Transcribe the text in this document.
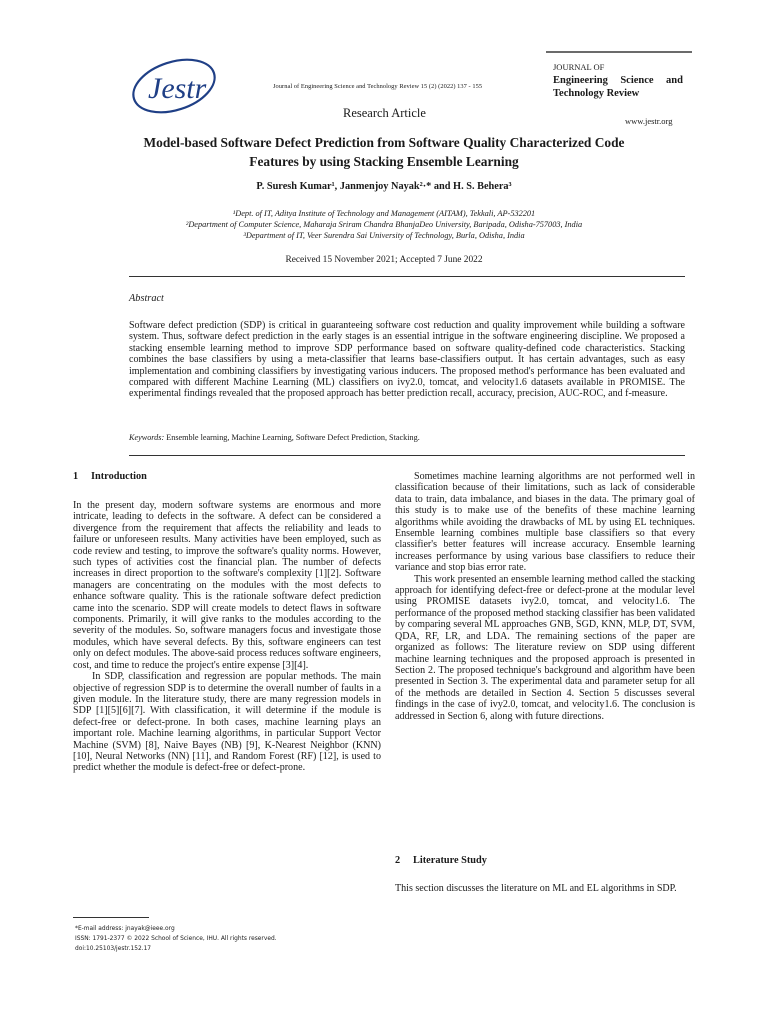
Jestr	Journal of Engineering Science and Technology Review 15 (2) (2022) 137 - 155
Research Article
JOURNAL OF
Engineering Science and
Technology Review
www.jestr.org
Model-based Software Defect Prediction from Software Quality Characterized Code
Features by using Stacking Ensemble Learning
P. Suresh Kumar¹, Janmenjoy Nayak²·* and H. S. Behera³
¹Dept. of IT, Aditya Institute of Technology and Management (AITAM), Tekkali, AP-532201
²Department of Computer Science, Maharaja Sriram Chandra BhanjaDeo University, Baripada, Odisha-757003, India
³Department of IT, Veer Surendra Sai University of Technology, Burla, Odisha, India
Received 15 November 2021; Accepted 7 June 2022
Abstract
Software defect prediction (SDP) is critical in guaranteeing software cost reduction and quality improvement while building a software system. Thus, software defect prediction in the early stages is an essential intrigue in the software engineering discipline. We proposed a stacking ensemble learning method to improve SDP performance based on software quality-defined code characteristics. Stacking combines the base classifiers by using a meta-classifier that learns base-classifiers output. It has certain advantages, such as easy implementation and combining classifiers by investigating various inducers. The proposed method's performance has been evaluated and compared with different Machine Learning (ML) classifiers on ivy2.0, tomcat, and velocity1.6 datasets available in PROMISE. The experimental findings revealed that the proposed approach has better prediction recall, accuracy, precision, AUC-ROC, and f-measure.
Keywords: Ensemble learning, Machine Learning, Software Defect Prediction, Stacking.
1     Introduction

In the present day, modern software systems are enormous and more intricate, leading to defects in the software. A defect can be considered a divergence from the requirement that affects the reliability and leads to failure or unforeseen results. Many activities have been employed, such as code review and testing, to improve the software's quality norms. However, such types of activities cost the financial plan. The number of defects increases in direct proportion to the software's complexity [1][2]. Software managers are concentrating on the modules with the most defects to enhance software quality. This is the rationale software defect prediction came into the scenario. SDP will create models to detect flaws in software components. Primarily, it will give ranks to the modules according to the severity of the modules. So, software managers focus and investigate those modules, which have several defects. By this, software engineers can test only on defect modules. The above-said process reduces software engineers, cost, and time to reduce the project's entire expense [3][4].

In SDP, classification and regression are popular methods. The main objective of regression SDP is to determine the overall number of faults in a given module. In the literature study, there are many regression models in SDP [1][5][6][7]. With classification, it will determine if the module is defect-free or defect-prone. In both cases, machine learning plays an important role. Machine learning algorithms, in particular Support Vector Machine (SVM) [8], Naive Bayes (NB) [9], K-Nearest Neighbor (KNN) [10], Neural Networks (NN) [11], and Random Forest (RF) [12], is used to predict whether the module is defect-free or defect-prone.

Sometimes machine learning algorithms are not performed well in classification because of their limitations, such as lack of considerable data to train, data imbalance, and biases in the data. The primary goal of this study is to make use of the benefits of these machine learning algorithms while avoiding the drawbacks of ML by using EL techniques. Ensemble learning combines multiple base classifiers so that every classifier's better features will increase accuracy. Ensemble learning increases performance by using various base classifiers to reduce their variance and stop bias error rate.

This work presented an ensemble learning method called the stacking approach for identifying defect-free or defect-prone at the modular level using PROMISE datasets ivy2.0, tomcat, and velocity1.6. The performance of the proposed method stacking classifier has been validated by comparing several ML approaches GNB, SGD, KNN, MLP, DT, SVM, QDA, RF, LR, and LDA. The remaining sections of the paper are organized as follows: The literature review on SDP using different machine learning techniques and the proposed approach is presented in Section 2. The proposed technique's background and algorithm have been presented in Section 3. The experimental data and parameter setup for all of the methods are detailed in Section 4. Section 5 discusses several findings in the case of ivy2.0, tomcat, and velocity1.6. The conclusion is addressed in Section 6, along with future directions.

2     Literature Study
This section discusses the literature on ML and EL algorithms in SDP.
*E-mail address: jnayak@ieee.org
ISSN: 1791-2377 © 2022 School of Science, IHU. All rights reserved.
doi:10.25103/jestr.152.17
